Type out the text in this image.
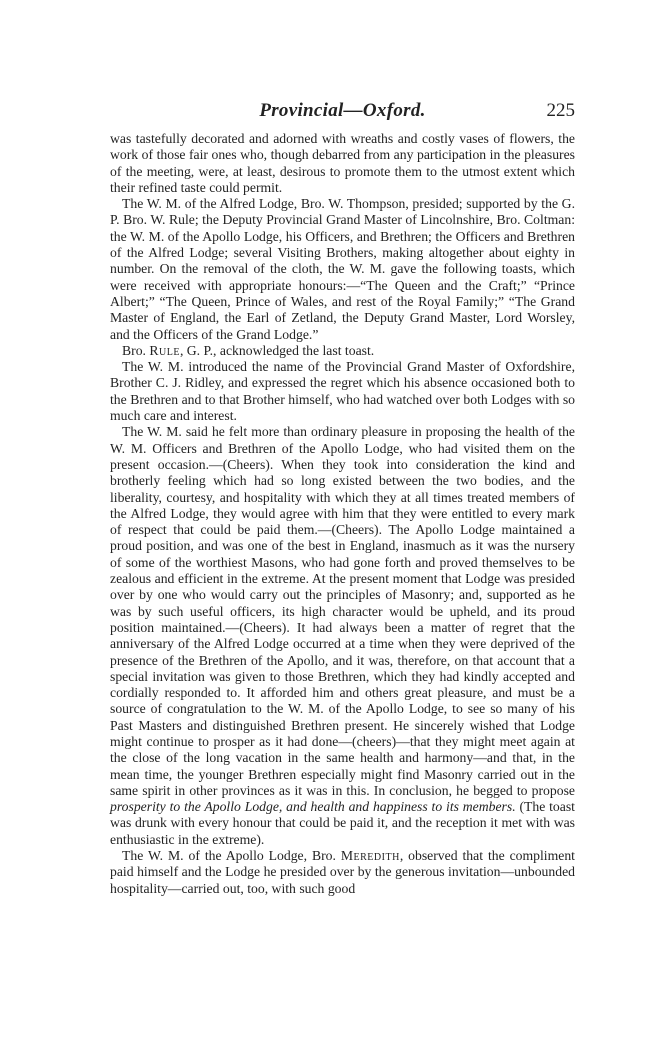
Provincial—Oxford.	225

was tastefully decorated and adorned with wreaths and costly vases of flowers, the work of those fair ones who, though debarred from any participation in the pleasures of the meeting, were, at least, desirous to promote them to the utmost extent which their refined taste could permit.

The W. M. of the Alfred Lodge, Bro. W. Thompson, presided; supported by the G. P. Bro. W. Rule; the Deputy Provincial Grand Master of Lincolnshire, Bro. Coltman: the W. M. of the Apollo Lodge, his Officers, and Brethren; the Officers and Brethren of the Alfred Lodge; several Visiting Brothers, making altogether about eighty in number. On the removal of the cloth, the W. M. gave the following toasts, which were received with appropriate honours:—“The Queen and the Craft;” “Prince Albert;” “The Queen, Prince of Wales, and rest of the Royal Family;” “The Grand Master of England, the Earl of Zetland, the Deputy Grand Master, Lord Worsley, and the Officers of the Grand Lodge.”

Bro. Rule, G. P., acknowledged the last toast.

The W. M. introduced the name of the Provincial Grand Master of Oxfordshire, Brother C. J. Ridley, and expressed the regret which his absence occasioned both to the Brethren and to that Brother himself, who had watched over both Lodges with so much care and interest.

The W. M. said he felt more than ordinary pleasure in proposing the health of the W. M. Officers and Brethren of the Apollo Lodge, who had visited them on the present occasion.—(Cheers). When they took into consideration the kind and brotherly feeling which had so long existed between the two bodies, and the liberality, courtesy, and hospitality with which they at all times treated members of the Alfred Lodge, they would agree with him that they were entitled to every mark of respect that could be paid them.—(Cheers). The Apollo Lodge maintained a proud position, and was one of the best in England, inasmuch as it was the nursery of some of the worthiest Masons, who had gone forth and proved themselves to be zealous and efficient in the extreme. At the present moment that Lodge was presided over by one who would carry out the principles of Masonry; and, supported as he was by such useful officers, its high character would be upheld, and its proud position maintained.—(Cheers). It had always been a matter of regret that the anniversary of the Alfred Lodge occurred at a time when they were deprived of the presence of the Brethren of the Apollo, and it was, therefore, on that account that a special invitation was given to those Brethren, which they had kindly accepted and cordially responded to. It afforded him and others great pleasure, and must be a source of congratulation to the W. M. of the Apollo Lodge, to see so many of his Past Masters and distinguished Brethren present. He sincerely wished that Lodge might continue to prosper as it had done—(cheers)—that they might meet again at the close of the long vacation in the same health and harmony—and that, in the mean time, the younger Brethren especially might find Masonry carried out in the same spirit in other provinces as it was in this. In conclusion, he begged to propose prosperity to the Apollo Lodge, and health and happiness to its members. (The toast was drunk with every honour that could be paid it, and the reception it met with was enthusiastic in the extreme).

The W. M. of the Apollo Lodge, Bro. Meredith, observed that the compliment paid himself and the Lodge he presided over by the generous invitation—unbounded hospitality—carried out, too, with such good
